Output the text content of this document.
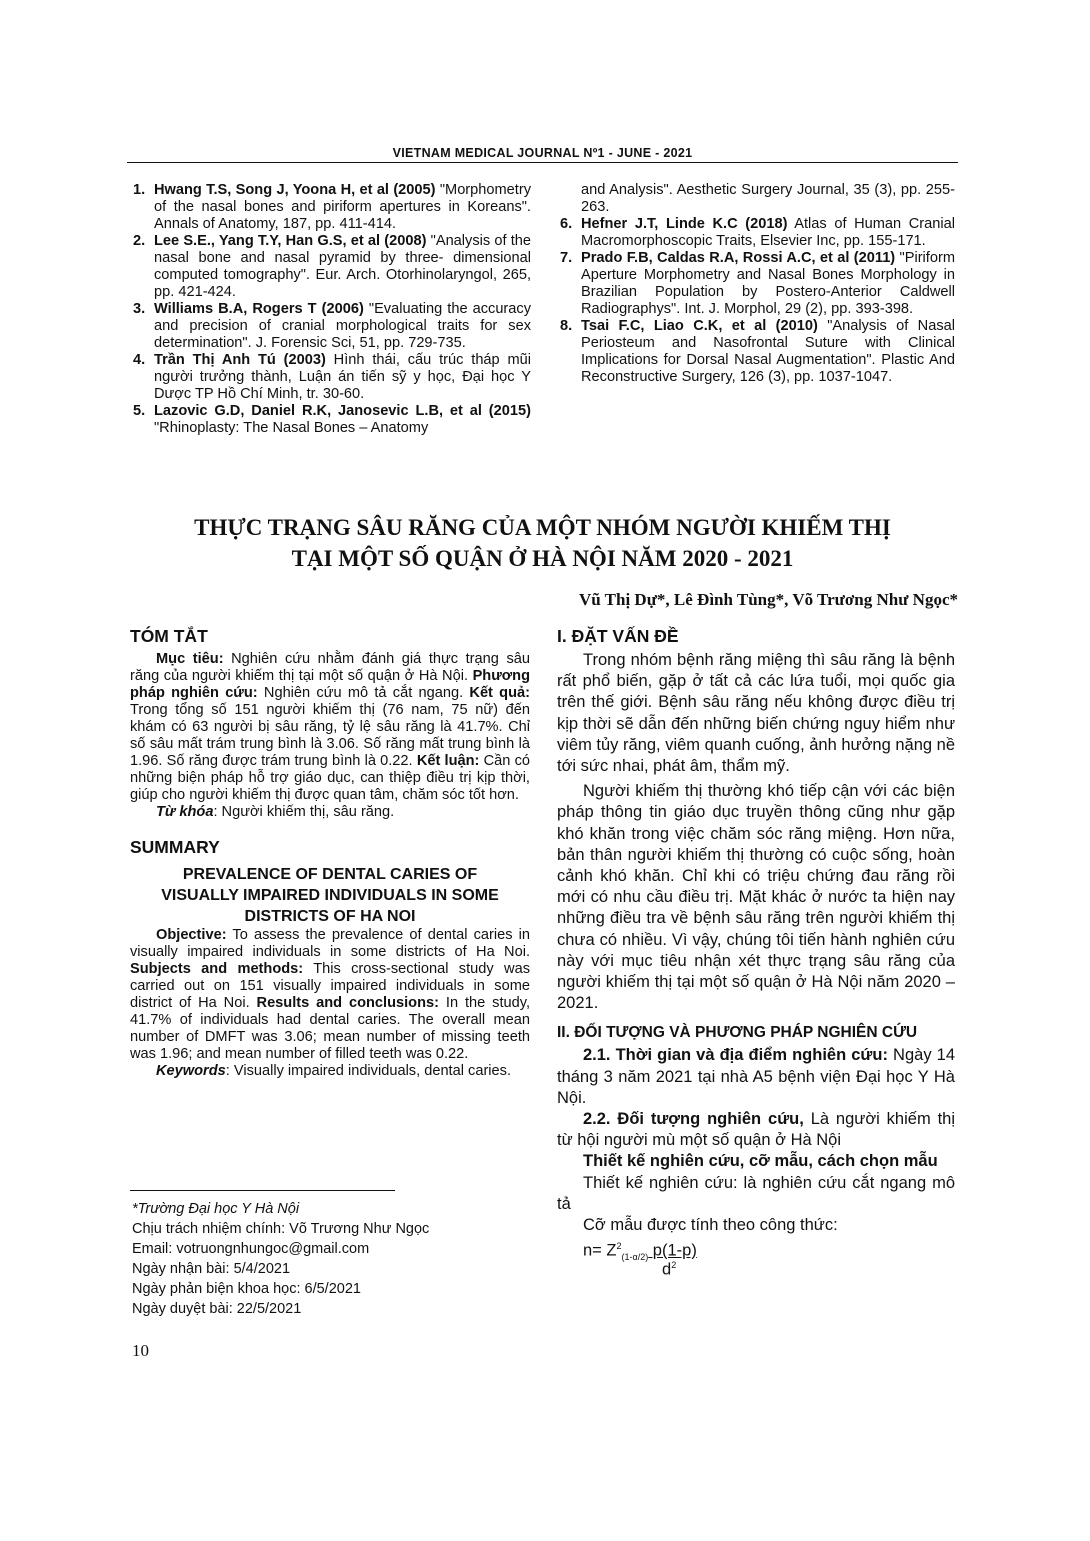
VIETNAM MEDICAL JOURNAL Nº1 - JUNE - 2021

1. Hwang T.S, Song J, Yoona H, et al (2005) "Morphometry of the nasal bones and piriform apertures in Koreans". Annals of Anatomy, 187, pp. 411-414.

2. Lee S.E., Yang T.Y, Han G.S, et al (2008) "Analysis of the nasal bone and nasal pyramid by three- dimensional computed tomography". Eur. Arch. Otorhinolaryngol, 265, pp. 421-424.

3. Williams B.A, Rogers T (2006) "Evaluating the accuracy and precision of cranial morphological traits for sex determination". J. Forensic Sci, 51, pp. 729-735.

4. Trần Thị Anh Tú (2003) Hình thái, cấu trúc tháp mũi người trưởng thành, Luận án tiến sỹ y học, Đại học Y Dược TP Hồ Chí Minh, tr. 30-60.

5. Lazovic G.D, Daniel R.K, Janosevic L.B, et al (2015) "Rhinoplasty: The Nasal Bones – Anatomy

and Analysis". Aesthetic Surgery Journal, 35 (3), pp. 255-263.

6. Hefner J.T, Linde K.C (2018) Atlas of Human Cranial Macromorphoscopic Traits, Elsevier Inc, pp. 155-171.

7. Prado F.B, Caldas R.A, Rossi A.C, et al (2011) "Piriform Aperture Morphometry and Nasal Bones Morphology in Brazilian Population by Postero-Anterior Caldwell Radiographys". Int. J. Morphol, 29 (2), pp. 393-398.

8. Tsai F.C, Liao C.K, et al (2010) "Analysis of Nasal Periosteum and Nasofrontal Suture with Clinical Implications for Dorsal Nasal Augmentation". Plastic And Reconstructive Surgery, 126 (3), pp. 1037-1047.

THỰC TRẠNG SÂU RĂNG CỦA MỘT NHÓM NGƯỜI KHIẾM THỊ
TẠI MỘT SỐ QUẬN Ở HÀ NỘI NĂM 2020 - 2021
Vũ Thị Dự*, Lê Đình Tùng*, Võ Trương Như Ngọc*
TÓM TẮT

Mục tiêu: Nghiên cứu nhằm đánh giá thực trạng sâu răng của người khiếm thị tại một số quận ở Hà Nội. Phương pháp nghiên cứu: Nghiên cứu mô tả cắt ngang. Kết quả: Trong tổng số 151 người khiếm thị (76 nam, 75 nữ) đến khám có 63 người bị sâu răng, tỷ lệ sâu răng là 41.7%. Chỉ số sâu mất trám trung bình là 3.06. Số răng mất trung bình là 1.96. Số răng được trám trung bình là 0.22. Kết luận: Cần có những biện pháp hỗ trợ giáo dục, can thiệp điều trị kịp thời, giúp cho người khiếm thị được quan tâm, chăm sóc tốt hơn.

Từ khóa: Người khiếm thị, sâu răng.

SUMMARY
PREVALENCE OF DENTAL CARIES OF VISUALLY IMPAIRED INDIVIDUALS IN SOME DISTRICTS OF HA NOI

Objective: To assess the prevalence of dental caries in visually impaired individuals in some districts of Ha Noi. Subjects and methods: This cross-sectional study was carried out on 151 visually impaired individuals in some district of Ha Noi. Results and conclusions: In the study, 41.7% of individuals had dental caries. The overall mean number of DMFT was 3.06; mean number of missing teeth was 1.96; and mean number of filled teeth was 0.22.

Keywords: Visually impaired individuals, dental caries.

*Trường Đại học Y Hà Nội
Chịu trách nhiệm chính: Võ Trương Như Ngọc
Email: votruongnhungoc@gmail.com
Ngày nhận bài: 5/4/2021
Ngày phản biện khoa học: 6/5/2021
Ngày duyệt bài: 22/5/2021
10
I. ĐẶT VẤN ĐỀ

Trong nhóm bệnh răng miệng thì sâu răng là bệnh rất phổ biến, gặp ở tất cả các lứa tuổi, mọi quốc gia trên thế giới. Bệnh sâu răng nếu không được điều trị kịp thời sẽ dẫn đến những biến chứng nguy hiểm như viêm tủy răng, viêm quanh cuống, ảnh hưởng nặng nề tới sức nhai, phát âm, thẩm mỹ.

Người khiếm thị thường khó tiếp cận với các biện pháp thông tin giáo dục truyền thông cũng như gặp khó khăn trong việc chăm sóc răng miệng. Hơn nữa, bản thân người khiếm thị thường có cuộc sống, hoàn cảnh khó khăn. Chỉ khi có triệu chứng đau răng rồi mới có nhu cầu điều trị. Mặt khác ở nước ta hiện nay những điều tra về bệnh sâu răng trên người khiếm thị chưa có nhiều. Vì vậy, chúng tôi tiến hành nghiên cứu này với mục tiêu nhận xét thực trạng sâu răng của người khiếm thị tại một số quận ở Hà Nội năm 2020 – 2021.

II. ĐỐI TƯỢNG VÀ PHƯƠNG PHÁP NGHIÊN CỨU

2.1. Thời gian và địa điểm nghiên cứu: Ngày 14 tháng 3 năm 2021 tại nhà A5 bệnh viện Đại học Y Hà Nội.

2.2. Đối tượng nghiên cứu, Là người khiếm thị từ hội người mù một số quận ở Hà Nội

Thiết kế nghiên cứu, cỡ mẫu, cách chọn mẫu

Thiết kế nghiên cứu: là nghiên cứu cắt ngang mô tả

Cỡ mẫu được tính theo công thức:

$n= Z^2_{(1-\alpha/2)}$ p(1-p)
$d^2$
